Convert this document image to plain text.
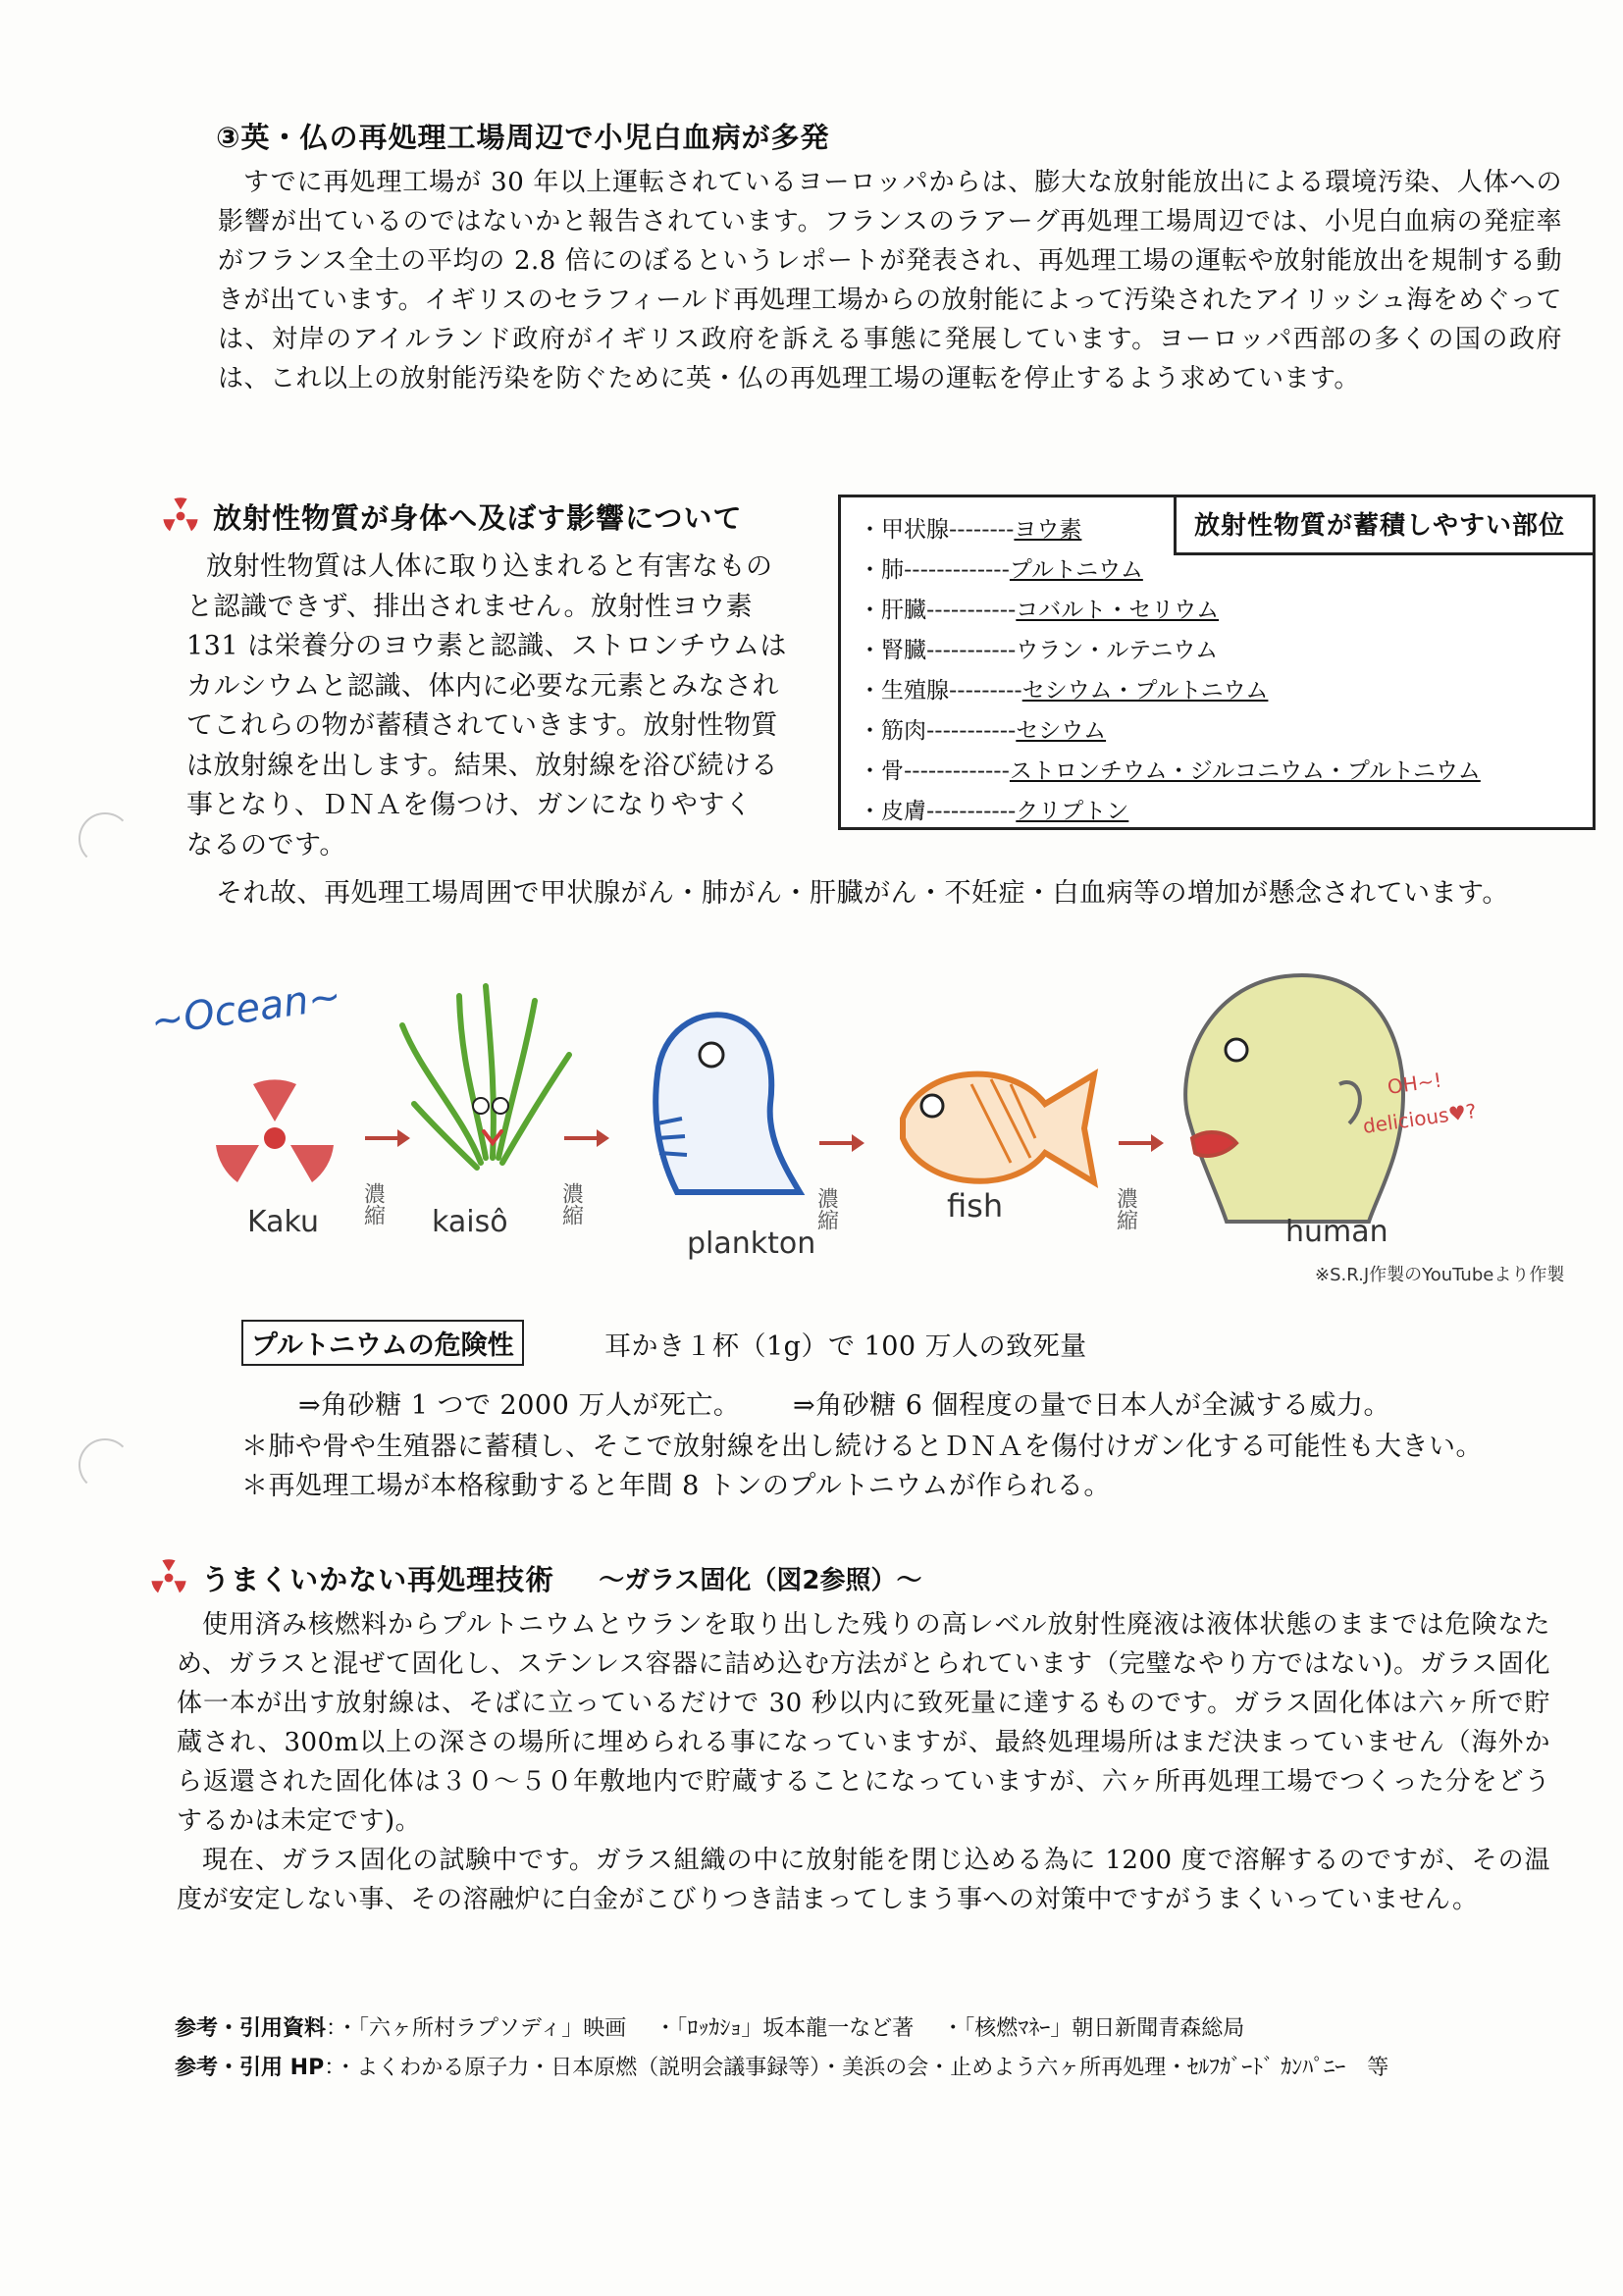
③英・仏の再処理工場周辺で小児白血病が多発

すでに再処理工場が 30 年以上運転されているヨーロッパからは、膨大な放射能放出による環境汚染、人体への影響が出ているのではないかと報告されています。フランスのラアーグ再処理工場周辺では、小児白血病の発症率がフランス全土の平均の 2.8 倍にのぼるというレポートが発表され、再処理工場の運転や放射能放出を規制する動きが出ています。イギリスのセラフィールド再処理工場からの放射能によって汚染されたアイリッシュ海をめぐっては、対岸のアイルランド政府がイギリス政府を訴える事態に発展しています。ヨーロッパ西部の多くの国の政府は、これ以上の放射能汚染を防ぐために英・仏の再処理工場の運転を停止するよう求めています。

放射性物質が身体へ及ぼす影響について
放射性物質は人体に取り込まれると有害なもの
と認識できず、排出されません。放射性ヨウ素
131 は栄養分のヨウ素と認識、ストロンチウムは
カルシウムと認識、体内に必要な元素とみなされ
てこれらの物が蓄積されていきます。放射性物質
は放射線を出します。結果、放射線を浴び続ける
事となり、ＤＮＡを傷つけ、ガンになりやすく
なるのです。
それ故、再処理工場周囲で甲状腺がん・肺がん・肝臓がん・不妊症・白血病等の増加が懸念されています。
放射性物質が蓄積しやすい部位
・甲状腺--------ヨウ素
・肺-------------プルトニウム
・肝臓-----------コバルト・セリウム
・腎臓-----------ウラン・ルテニウム
・生殖腺---------セシウム・プルトニウム
・筋肉-----------セシウム
・骨-------------ストロンチウム・ジルコニウム・プルトニウム
・皮膚-----------クリプトン
~Ocean~
Kaku 濃縮 kaisô 濃縮
plankton
濃縮	fish	濃縮
human
OH~!
delicious♥?
※S.R.J作製のYouTubeより作製
プルトニウムの危険性	耳かき１杯（1g）で 100 万人の致死量
⇒角砂糖 1 つで 2000 万人が死亡。 ⇒角砂糖 6 個程度の量で日本人が全滅する威力。
＊肺や骨や生殖器に蓄積し、そこで放射線を出し続けるとＤＮＡを傷付けガン化する可能性も大きい。
＊再処理工場が本格稼動すると年間 8 トンのプルトニウムが作られる。
うまくいかない再処理技術 ～ガラス固化（図2参照）～

使用済み核燃料からプルトニウムとウランを取り出した残りの高レベル放射性廃液は液体状態のままでは危険なため、ガラスと混ぜて固化し、ステンレス容器に詰め込む方法がとられています（完璧なやり方ではない)。ガラス固化体一本が出す放射線は、そばに立っているだけで 30 秒以内に致死量に達するものです。ガラス固化体は六ヶ所で貯蔵され、300m以上の深さの場所に埋められる事になっていますが、最終処理場所はまだ決まっていません（海外から返還された固化体は３０～５０年敷地内で貯蔵することになっていますが、六ヶ所再処理工場でつくった分をどうするかは未定です)。

現在、ガラス固化の試験中です。ガラス組織の中に放射能を閉じ込める為に 1200 度で溶解するのですが、その温度が安定しない事、その溶融炉に白金がこびりつき詰まってしまう事への対策中ですがうまくいっていません。

参考・引用資料：・「六ヶ所村ラプソディ」映画　 ・「ﾛｯｶｼｮ」坂本龍一など著　 ・「核燃ﾏﾈｰ」朝日新聞青森総局
参考・引用 HP：・よくわかる原子力・日本原燃（説明会議事録等）・美浜の会・止めよう六ヶ所再処理・ｾﾙﾌｶﾞｰﾄﾞ ｶﾝﾊﾟﾆｰ　等
